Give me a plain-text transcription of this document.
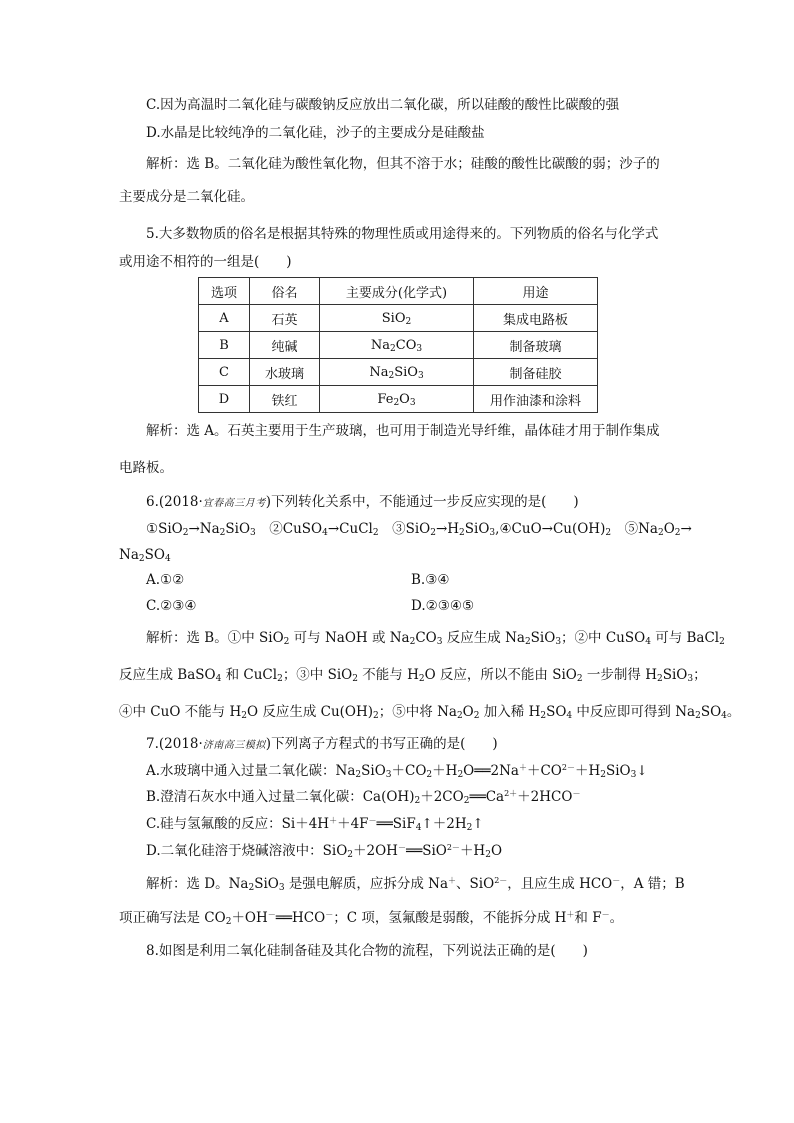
C.因为高温时二氧化硅与碳酸钠反应放出二氧化碳，所以硅酸的酸性比碳酸的强
D.水晶是比较纯净的二氧化硅，沙子的主要成分是硅酸盐
解析：选 B。二氧化硅为酸性氧化物，但其不溶于水；硅酸的酸性比碳酸的弱；沙子的
主要成分是二氧化硅。
5.大多数物质的俗名是根据其特殊的物理性质或用途得来的。下列物质的俗名与化学式
或用途不相符的一组是(　　)
选项	俗名	主要成分(化学式)	用途
A	石英	SiO$_2$	集成电路板
B	纯碱	$Na_2CO_3$	制备玻璃
C	水玻璃	$Na_2SiO_3$	制备硅胶
D	铁红	$Fe_2O_3$	用作油漆和涂料
解析：选 A。石英主要用于生产玻璃，也可用于制造光导纤维，晶体硅才用于制作集成
电路板。
6.(2018·宜春高三月考)下列转化关系中，不能通过一步反应实现的是(　　)
$①SiO_2\to Na_2SiO_3$　②CuSO$_4$→CuCl$_2$　$③SiO_2\to H_2SiO_3,④CuO\to Cu(OH)_2$　$⑤Na_2O_2\to$
$Na_2SO_4$
A.①②	B.③④
C.②③④	D.②③④⑤
解析：选 B。①中 SiO$_2$ 可与 NaOH 或 $Na_2CO_3$ 反应生成 $Na_2SiO_3$；②中 CuSO$_4$ 可与 BaCl$_2$
反应生成 BaSO$_4$ 和 CuCl$_2$；③中 SiO$_2$ 不能与 $H_2O$ 反应，所以不能由 SiO$_2$ 一步制得 $H_2SiO_3$；
④中 CuO 不能与 $H_2O$ 反应生成 $Cu(OH)_2$；⑤中将 $Na_2O_2$ 加入稀 $H_2SO_4$ 中反应即可得到 $Na_2SO_4$。
7.(2018·济南高三模拟)下列离子方程式的书写正确的是(　　)
A.水玻璃中通入过量二氧化碳：$Na_2SiO_3+CO_2+H_2O══2Na^++CO^{2-}+H_2SiO_3↓$
B.澄清石灰水中通入过量二氧化碳：$Ca(OH)_2+2CO_2══Ca^{2+}+2HCO^-$
C.硅与氢氟酸的反应：$Si+4H^++4F^-══SiF_4↑+2H_2↑$
D.二氧化硅溶于烧碱溶液中：$SiO_2+2OH^-══SiO^{2-}+H_2O$
解析：选 D。$Na_2SiO_3$ 是强电解质，应拆分成 Na＋、SiO$^{2-}$，且应生成 HCO－，A 错；B
项正确写法是 $CO_2+OH^-══HCO^-$；C 项，氢氟酸是弱酸，不能拆分成 H＋和 F－。
8.如图是利用二氧化硅制备硅及其化合物的流程，下列说法正确的是(　　)
